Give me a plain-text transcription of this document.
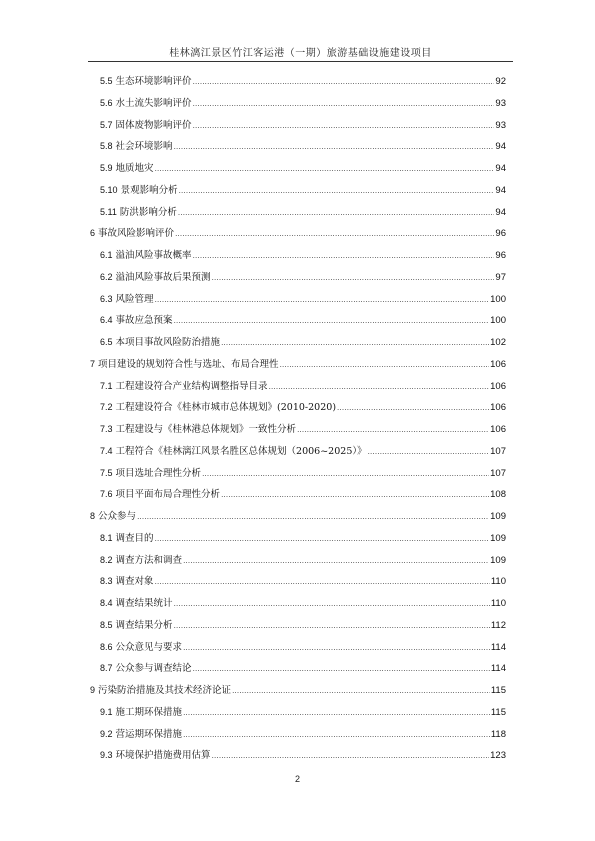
桂林漓江景区竹江客运港（一期）旅游基础设施建设项目
5.5 生态环境影响评价 .....	92
5.6 水土流失影响评价 .....	93
5.7 固体废物影响评价 .....	93
5.8 社会环境影响 .....	94
5.9 地质地灾 .....	94
5.10 景观影响分析 .....	94
5.11 防洪影响分析 .....	94
6 事故风险影响评价 .....	96
6.1 溢油风险事故概率 .....	96
6.2 溢油风险事故后果预测 .....	97
6.3 风险管理 .....	100
6.4 事故应急预案 .....	100
6.5 本项目事故风险防治措施 .....	102
7 项目建设的规划符合性与选址、布局合理性 .....	106
7.1 工程建设符合产业结构调整指导目录 .....	106
7.2 工程建设符合《桂林市城市总体规划》(2010-2020) .....	106
7.3 工程建设与《桂林港总体规划》一致性分析 .....	106
7.4 工程符合《桂林漓江风景名胜区总体规划（2006~2025）》 .....	107
7.5 项目选址合理性分析 .....	107
7.6 项目平面布局合理性分析 .....	108
8 公众参与 .....	109
8.1 调查目的 .....	109
8.2 调查方法和调查 .....	109
8.3 调查对象 .....	110
8.4 调查结果统计 .....	110
8.5 调查结果分析 .....	112
8.6 公众意见与要求 .....	114
8.7 公众参与调查结论 .....	114
9 污染防治措施及其技术经济论证 .....	115
9.1 施工期环保措施 .....	115
9.2 营运期环保措施 .....	118
9.3 环境保护措施费用估算 .....	123
2
